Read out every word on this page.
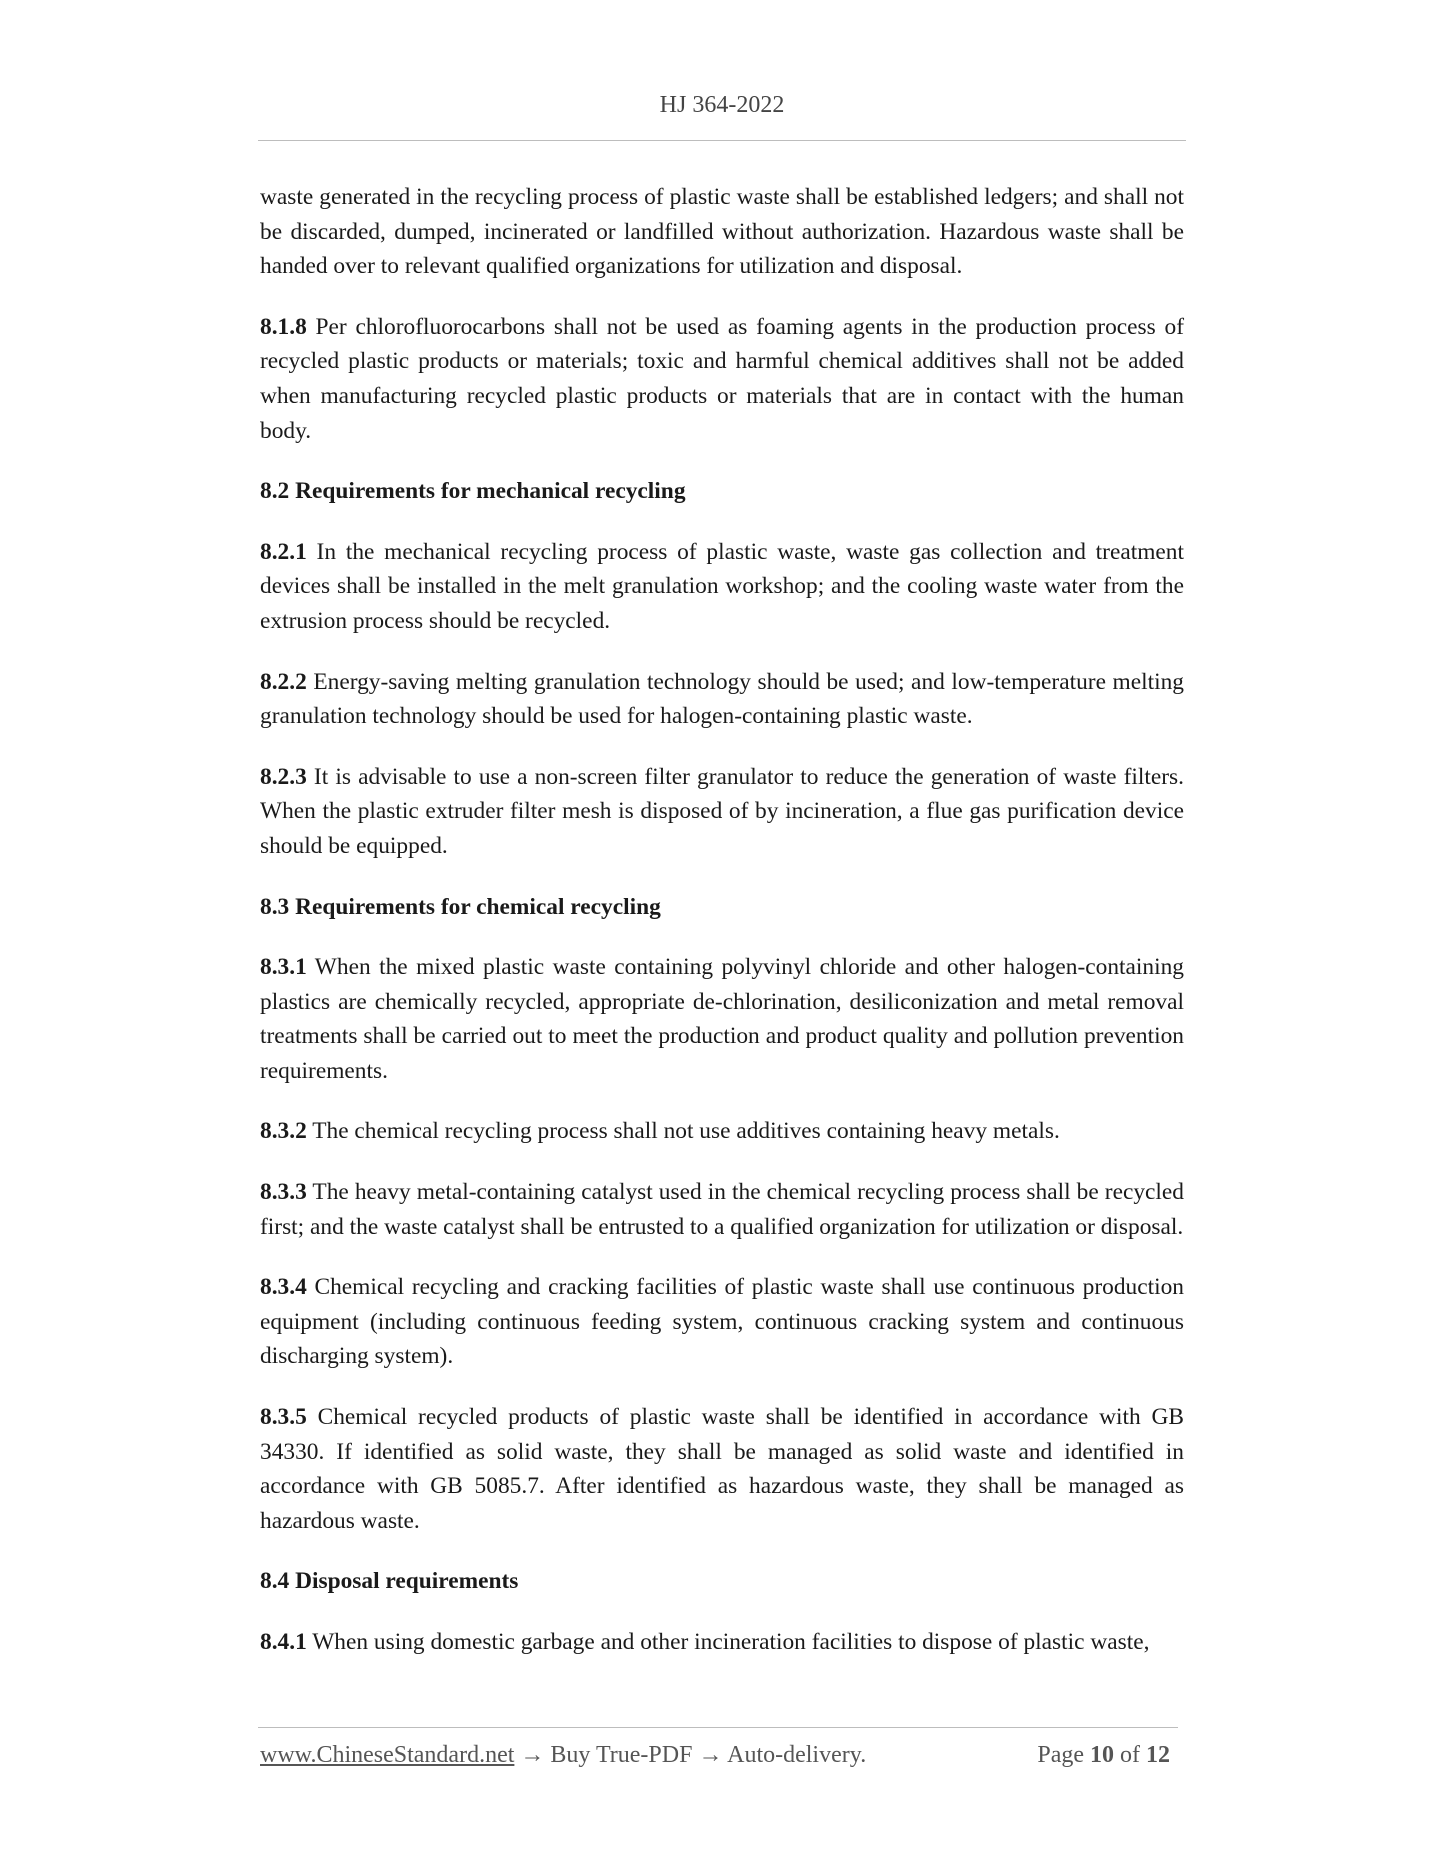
HJ 364-2022

waste generated in the recycling process of plastic waste shall be established ledgers; and shall not be discarded, dumped, incinerated or landfilled without authorization. Hazardous waste shall be handed over to relevant qualified organizations for utilization and disposal.

8.1.8 Per chlorofluorocarbons shall not be used as foaming agents in the production process of recycled plastic products or materials; toxic and harmful chemical additives shall not be added when manufacturing recycled plastic products or materials that are in contact with the human body.

8.2 Requirements for mechanical recycling

8.2.1 In the mechanical recycling process of plastic waste, waste gas collection and treatment devices shall be installed in the melt granulation workshop; and the cooling waste water from the extrusion process should be recycled.

8.2.2 Energy-saving melting granulation technology should be used; and low-temperature melting granulation technology should be used for halogen-containing plastic waste.

8.2.3 It is advisable to use a non-screen filter granulator to reduce the generation of waste filters. When the plastic extruder filter mesh is disposed of by incineration, a flue gas purification device should be equipped.

8.3 Requirements for chemical recycling

8.3.1 When the mixed plastic waste containing polyvinyl chloride and other halogen-containing plastics are chemically recycled, appropriate de-chlorination, desiliconization and metal removal treatments shall be carried out to meet the production and product quality and pollution prevention requirements.

8.3.2 The chemical recycling process shall not use additives containing heavy metals.

8.3.3 The heavy metal-containing catalyst used in the chemical recycling process shall be recycled first; and the waste catalyst shall be entrusted to a qualified organization for utilization or disposal.

8.3.4 Chemical recycling and cracking facilities of plastic waste shall use continuous production equipment (including continuous feeding system, continuous cracking system and continuous discharging system).

8.3.5 Chemical recycled products of plastic waste shall be identified in accordance with GB 34330. If identified as solid waste, they shall be managed as solid waste and identified in accordance with GB 5085.7. After identified as hazardous waste, they shall be managed as hazardous waste.

8.4 Disposal requirements

8.4.1 When using domestic garbage and other incineration facilities to dispose of plastic waste,

www.ChineseStandard.net → Buy True-PDF → Auto-delivery.	Page 10 of 12
